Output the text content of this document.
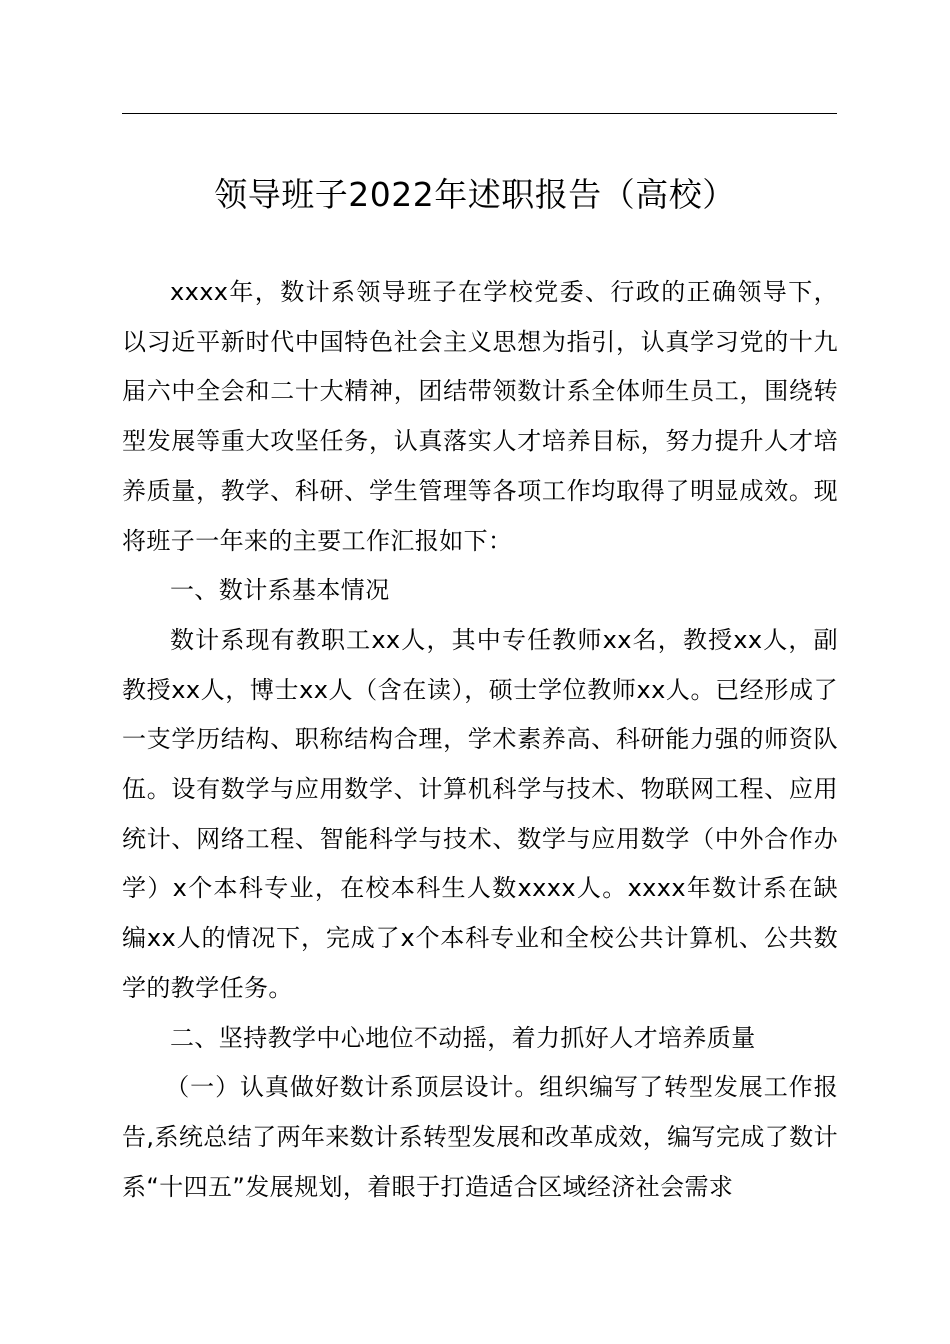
领导班子2022年述职报告（高校）

xxxx年，数计系领导班子在学校党委、行政的正确领导下，以习近平新时代中国特色社会主义思想为指引，认真学习党的十九届六中全会和二十大精神，团结带领数计系全体师生员工，围绕转型发展等重大攻坚任务，认真落实人才培养目标，努力提升人才培养质量，教学、科研、学生管理等各项工作均取得了明显成效。现将班子一年来的主要工作汇报如下：

一、数计系基本情况

数计系现有教职工xx人，其中专任教师xx名，教授xx人，副教授xx人，博士xx人（含在读），硕士学位教师xx人。已经形成了一支学历结构、职称结构合理，学术素养高、科研能力强的师资队伍。设有数学与应用数学、计算机科学与技术、物联网工程、应用统计、网络工程、智能科学与技术、数学与应用数学（中外合作办学）x个本科专业，在校本科生人数xxxx人。xxxx年数计系在缺编xx人的情况下，完成了x个本科专业和全校公共计算机、公共数学的教学任务。

二、坚持教学中心地位不动摇，着力抓好人才培养质量

（一）认真做好数计系顶层设计。组织编写了转型发展工作报告,系统总结了两年来数计系转型发展和改革成效，编写完成了数计系“十四五”发展规划，着眼于打造适合区域经济社会需求
